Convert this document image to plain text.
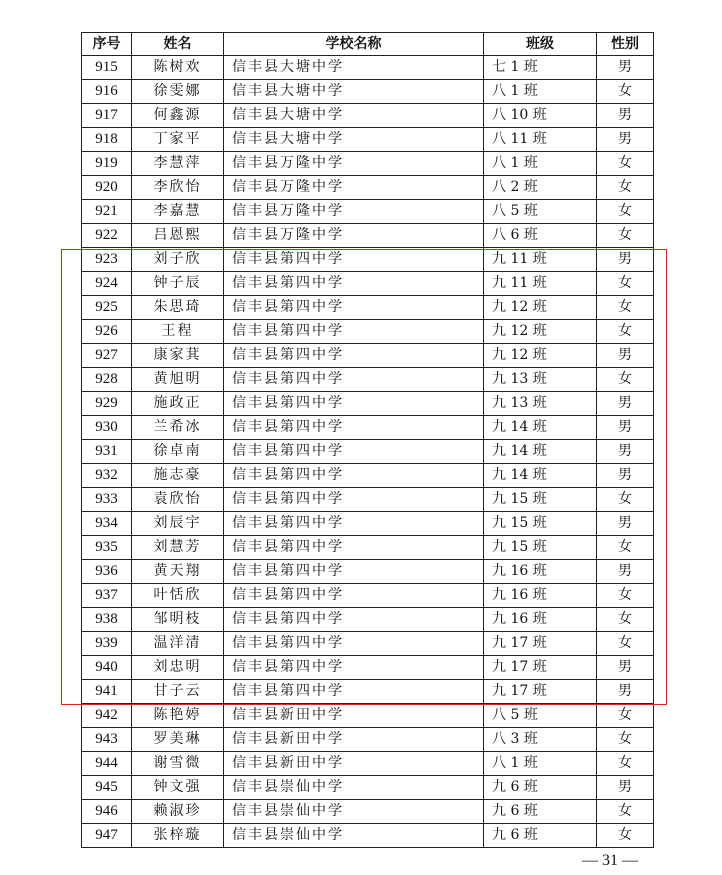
序号	姓名	学校名称	班级	性别
915	陈树欢	信丰县大塘中学	七 1 班	男
916	徐雯娜	信丰县大塘中学	八 1 班	女
917	何鑫源	信丰县大塘中学	八 10 班	男
918	丁家平	信丰县大塘中学	八 11 班	男
919	李慧萍	信丰县万隆中学	八 1 班	女
920	李欣怡	信丰县万隆中学	八 2 班	女
921	李嘉慧	信丰县万隆中学	八 5 班	女
922	吕恩熙	信丰县万隆中学	八 6 班	女
923	刘子欣	信丰县第四中学	九 11 班	男
924	钟子辰	信丰县第四中学	九 11 班	女
925	朱思琦	信丰县第四中学	九 12 班	女
926	王程	信丰县第四中学	九 12 班	女
927	康家萁	信丰县第四中学	九 12 班	男
928	黄旭明	信丰县第四中学	九 13 班	女
929	施政正	信丰县第四中学	九 13 班	男
930	兰希冰	信丰县第四中学	九 14 班	男
931	徐卓南	信丰县第四中学	九 14 班	男
932	施志豪	信丰县第四中学	九 14 班	男
933	袁欣怡	信丰县第四中学	九 15 班	女
934	刘辰宇	信丰县第四中学	九 15 班	男
935	刘慧芳	信丰县第四中学	九 15 班	女
936	黄天翔	信丰县第四中学	九 16 班	男
937	叶恬欣	信丰县第四中学	九 16 班	女
938	邹明枝	信丰县第四中学	九 16 班	女
939	温洋清	信丰县第四中学	九 17 班	女
940	刘忠明	信丰县第四中学	九 17 班	男
941	甘子云	信丰县第四中学	九 17 班	男
942	陈艳婷	信丰县新田中学	八 5 班	女
943	罗美琳	信丰县新田中学	八 3 班	女
944	谢雪微	信丰县新田中学	八 1 班	女
945	钟文强	信丰县崇仙中学	九 6 班	男
946	赖淑珍	信丰县崇仙中学	九 6 班	女
947	张梓璇	信丰县崇仙中学	九 6 班	女
— 31 —
